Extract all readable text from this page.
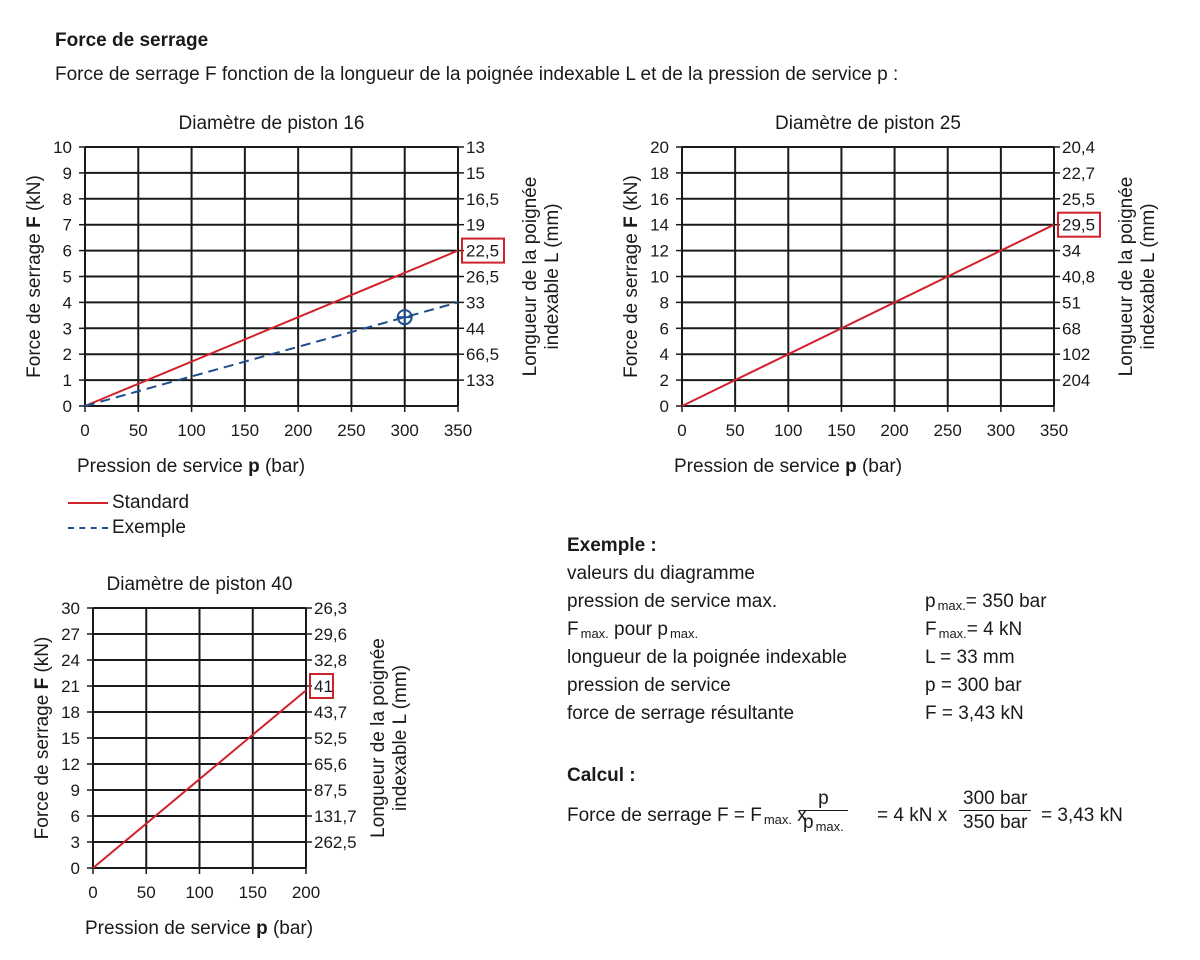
Force de serrage
Force de serrage F fonction de la longueur de la poignée indexable L et de la pression de service p :
Diamètre de piston 16
0
1
2
3
4
5
6
7
8
9
10
0 50 100 150 200 250 300 350
133
66,5
44
33
26,5
22,5
19
16,5
15
13
Pression de service p (bar)
Force de serrage F (kN)	Longueur de la poignée indexable L (mm)
Diamètre de piston 25
0
2
4
6
8
10
12
14
16
18
20
0 50 100 150 200 250 300 350
204
102
68
51
40,8
34
29,5
25,5
22,7
20,4
Pression de service p (bar)
Force de serrage F (kN)	Longueur de la poignée indexable L (mm)
Diamètre de piston 40
0
3
6
9
12
15
18
21
24
27
30
0 50 100 150 200
262,5
131,7
87,5
65,6
52,5
43,7
41
32,8
29,6
26,3
Pression de service p (bar)
Force de serrage F (kN)	Longueur de la poignée indexable L (mm)
Standard
Exemple
Exemple :
valeurs du diagramme
pression de service max.	p $_{max.}$= 350 bar
F $_{max.}$ pour p $_{max.}$	F $_{max.}$= 4 kN
longueur de la poignée indexable	L = 33 mm
pression de service	p = 300 bar
force de serrage résultante	F = 3,43 kN
Calcul :
Force de serrage F = F $_{max.}$ x
p
p $_{max.}$
= 4 kN x
300 bar
350 bar = 3,43 kN
